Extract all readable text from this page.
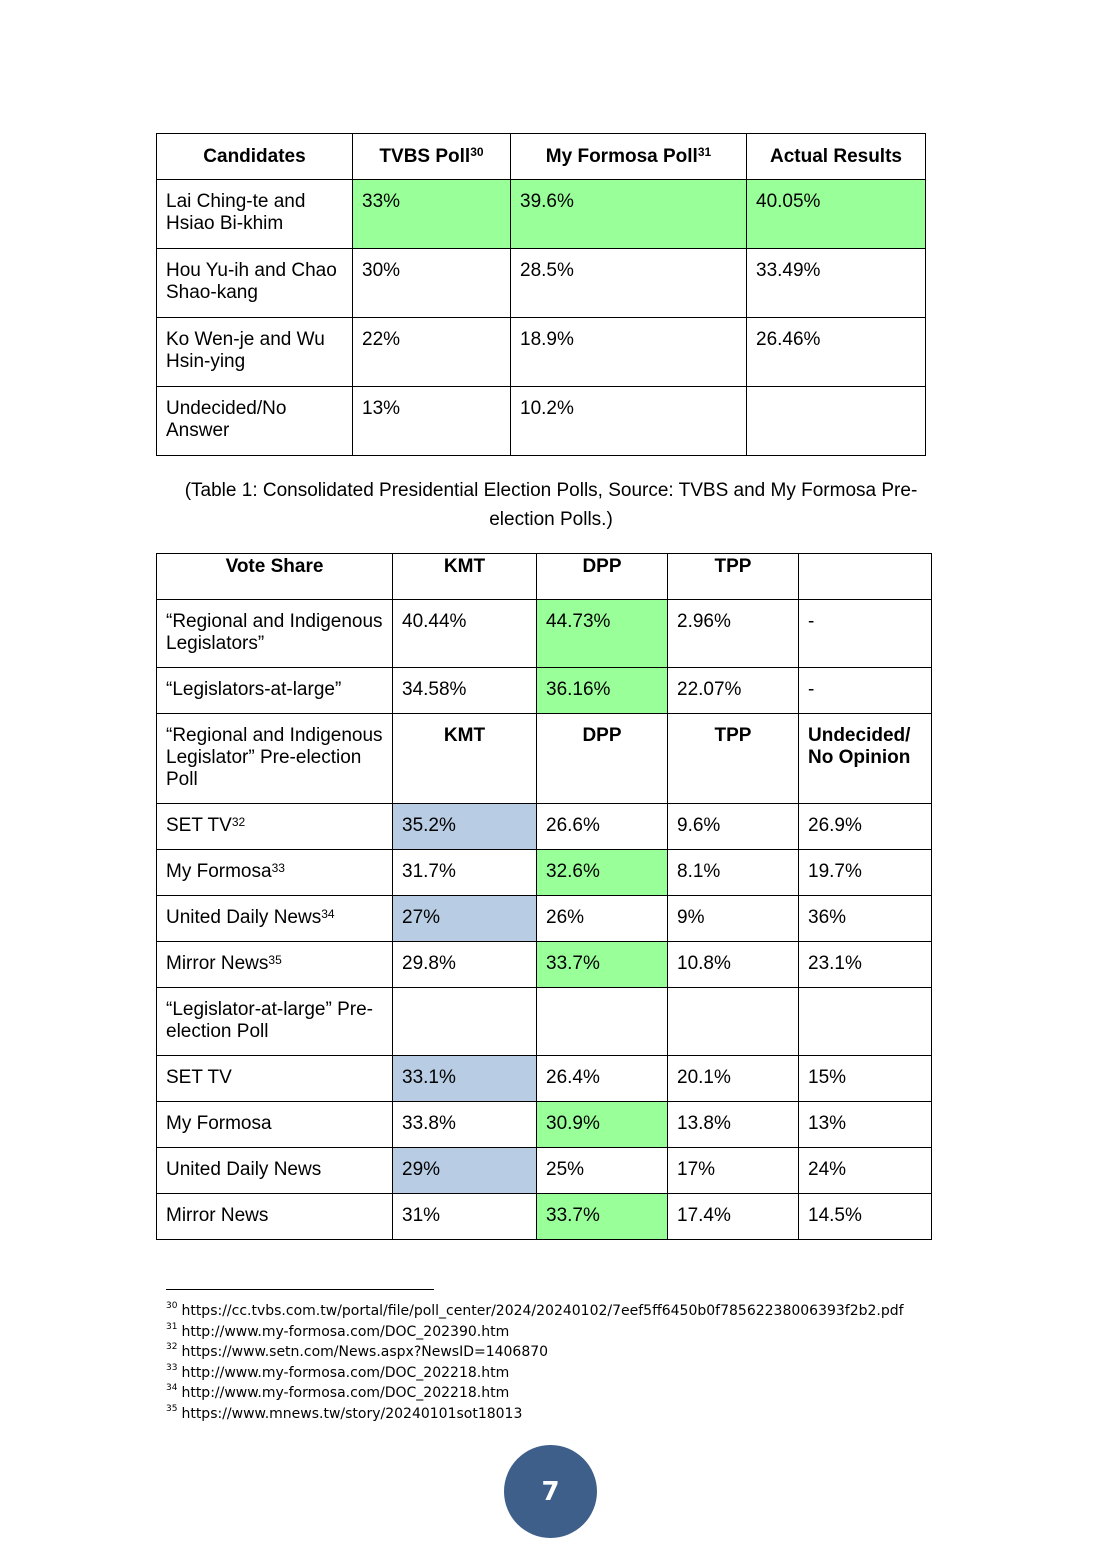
Candidates	TVBS Poll$^{30}$	My Formosa Poll$^{31}$	Actual Results
Lai Ching-te and Hsiao Bi-khim	33%	39.6%	40.05%
Hou Yu-ih and Chao Shao-kang	30%	28.5%	33.49%
Ko Wen-je and Wu Hsin-ying	22%	18.9%	26.46%
Undecided/No Answer	13%	10.2%	
(Table 1: Consolidated Presidential Election Polls, Source: TVBS and My Formosa Pre-election Polls.)
Vote Share	KMT	DPP	TPP	
“Regional and Indigenous Legislators”	40.44%	44.73%	2.96%	-
“Legislators-at-large”	34.58%	36.16%	22.07%	-
“Regional and Indigenous Legislator” Pre-election Poll	KMT	DPP	TPP	Undecided/ No Opinion
SET TV$^{32}$	35.2%	26.6%	9.6%	26.9%
My Formosa$^{33}$	31.7%	32.6%	8.1%	19.7%
United Daily News$^{34}$	27%	26%	9%	36%
Mirror News$^{35}$	29.8%	33.7%	10.8%	23.1%
“Legislator-at-large” Pre-election Poll				
SET TV	33.1%	26.4%	20.1%	15%
My Formosa	33.8%	30.9%	13.8%	13%
United Daily News	29%	25%	17%	24%
Mirror News	31%	33.7%	17.4%	14.5%
$^{30}$ https://cc.tvbs.com.tw/portal/file/poll_center/2024/20240102/7eef5ff6450b0f78562238006393f2b2.pdf
$^{31}$ http://www.my-formosa.com/DOC_202390.htm
$^{32}$ https://www.setn.com/News.aspx?NewsID=1406870
$^{33}$ http://www.my-formosa.com/DOC_202218.htm
$^{34}$ http://www.my-formosa.com/DOC_202218.htm
$^{35}$ https://www.mnews.tw/story/20240101sot18013
7
